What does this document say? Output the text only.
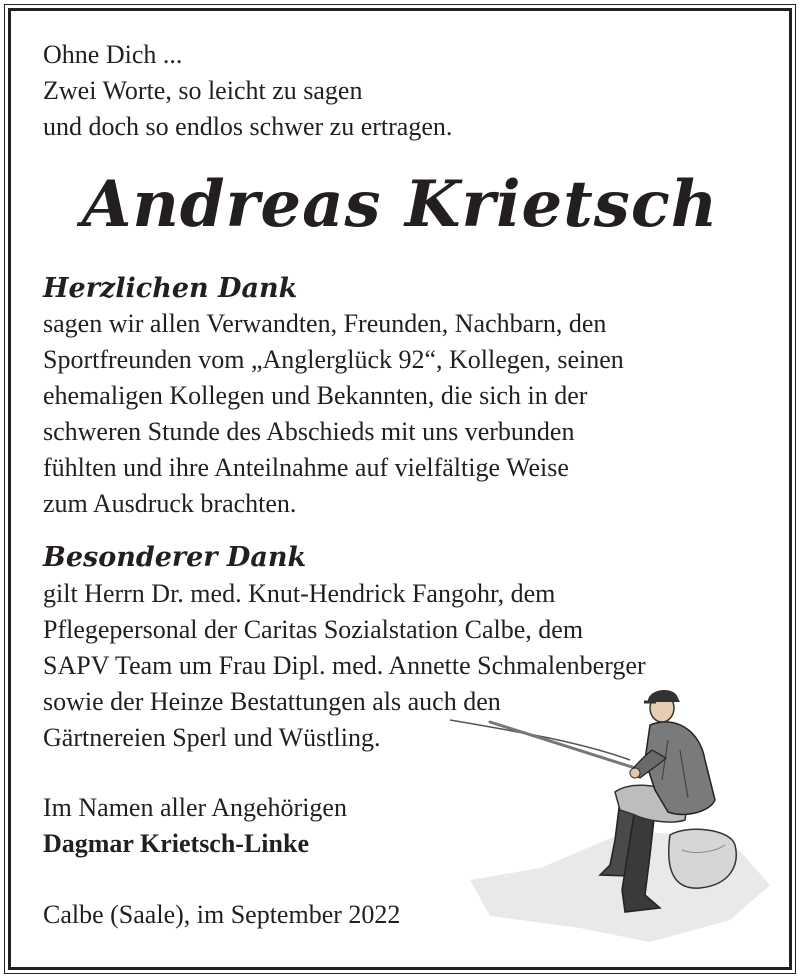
Ohne Dich ...

Zwei Worte, so leicht zu sagen

und doch so endlos schwer zu ertragen.

Andreas Krietsch
Herzlichen Dank

sagen wir allen Verwandten, Freunden, Nachbarn, den

Sportfreunden vom „Anglerglück 92“, Kollegen, seinen

ehemaligen Kollegen und Bekannten, die sich in der

schweren Stunde des Abschieds mit uns verbunden

fühlten und ihre Anteilnahme auf vielfältige Weise

zum Ausdruck brachten.

Besonderer Dank

gilt Herrn Dr. med. Knut-Hendrick Fangohr, dem

Pflegepersonal der Caritas Sozialstation Calbe, dem

SAPV Team um Frau Dipl. med. Annette Schmalenberger

sowie der Heinze Bestattungen als auch den

Gärtnereien Sperl und Wüstling.

Im Namen aller Angehörigen

Dagmar Krietsch-Linke

Calbe (Saale), im September 2022
